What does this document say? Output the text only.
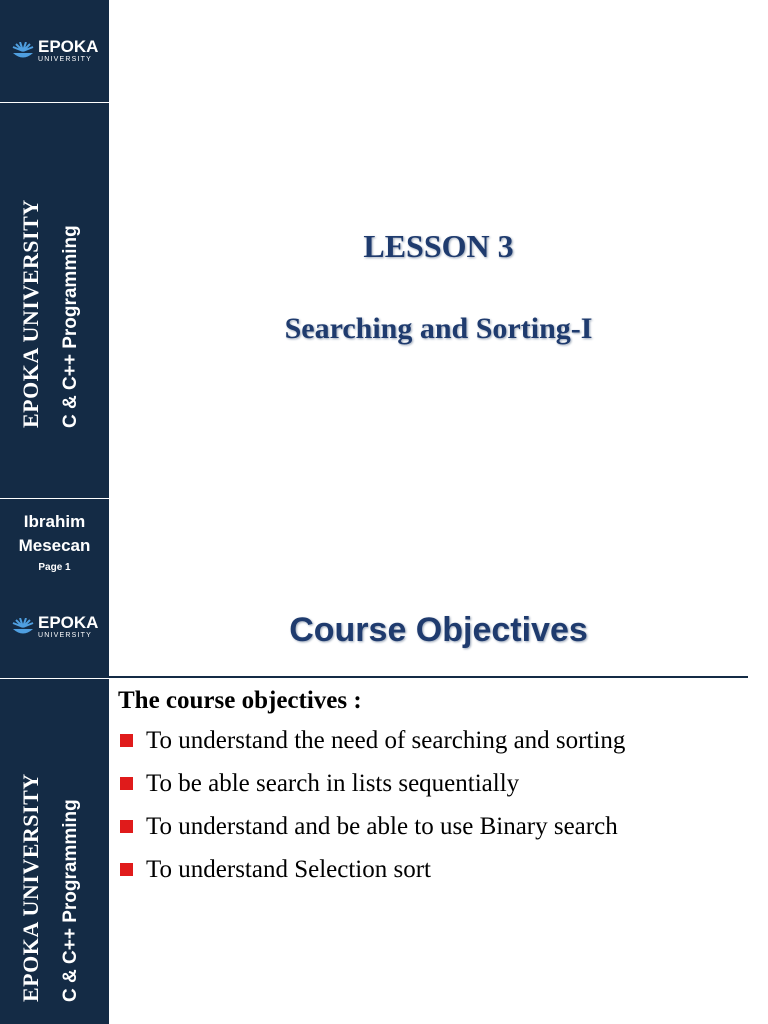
EPOKA
UNIVERSITY
EPOKA UNIVERSITY C & C++ Programming
Ibrahim
Mesecan
Page 1
LESSON 3
Searching and Sorting-I
EPOKA
UNIVERSITY
EPOKA UNIVERSITY C & C++ Programming
Course Objectives
The course objectives :
To understand the need of searching and sorting
To be able search in lists sequentially
To understand and be able to use Binary search
To understand Selection sort
